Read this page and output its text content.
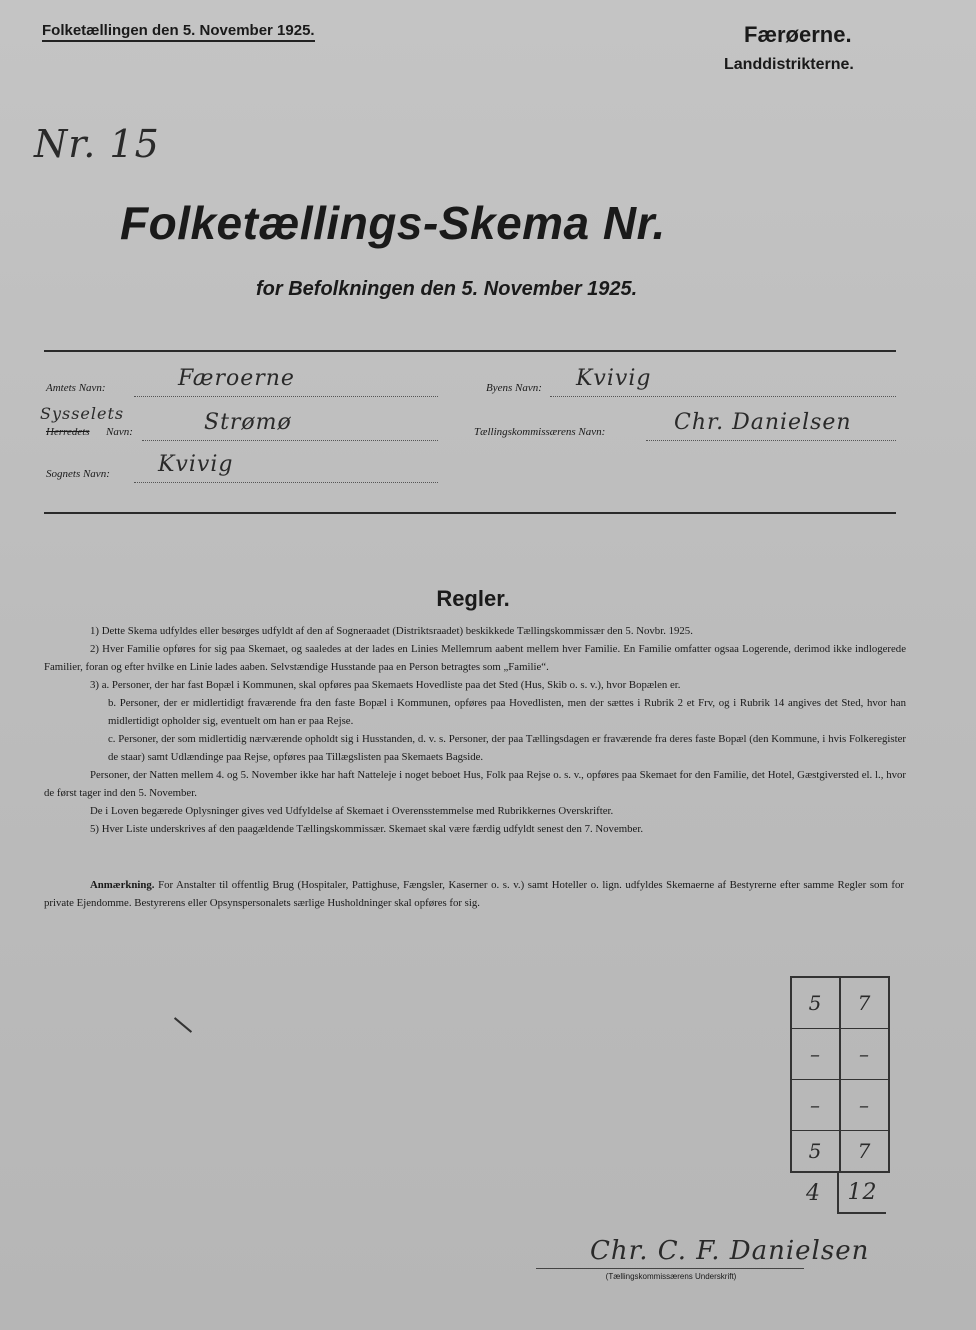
Folketællingen den 5. November 1925.	Færøerne.
Landdistrikterne.
Nr. 15
Folketællings-Skema Nr.
for Befolkningen den 5. November 1925.
Amtets Navn:	Færoerne
Sysselets
Herredets Navn:	Strømø
Sognets Navn: Kvivig
Byens Navn: Kvivig
Tællingskommissærens Navn:	Chr. Danielsen
Regler.

1) Dette Skema udfyldes eller besørges udfyldt af den af Sogneraadet (Distriktsraadet) beskikkede Tællingskommissær den 5. Novbr. 1925.

2) Hver Familie opføres for sig paa Skemaet, og saaledes at der lades en Linies Mellemrum aabent mellem hver Familie. En Familie omfatter ogsaa Logerende, derimod ikke indlogerede Familier, foran og efter hvilke en Linie lades aaben. Selvstændige Husstande paa en Person betragtes som „Familie“.

3) a. Personer, der har fast Bopæl i Kommunen, skal opføres paa Skemaets Hovedliste paa det Sted (Hus, Skib o. s. v.), hvor Bopælen er.

b. Personer, der er midlertidigt fraværende fra den faste Bopæl i Kommunen, opføres paa Hovedlisten, men der sættes i Rubrik 2 et Frv, og i Rubrik 14 angives det Sted, hvor han midlertidigt opholder sig, eventuelt om han er paa Rejse.

c. Personer, der som midlertidig nærværende opholdt sig i Husstanden, d. v. s. Personer, der paa Tællingsdagen er fraværende fra deres faste Bopæl (den Kommune, i hvis Folkeregister de staar) samt Udlændinge paa Rejse, opføres paa Tillægslisten paa Skemaets Bagside.

Personer, der Natten mellem 4. og 5. November ikke har haft Natteleje i noget beboet Hus, Folk paa Rejse o. s. v., opføres paa Skemaet for den Familie, det Hotel, Gæstgiversted el. l., hvor de først tager ind den 5. November.

De i Loven begærede Oplysninger gives ved Udfyldelse af Skemaet i Overensstemmelse med Rubrikkernes Overskrifter.

5) Hver Liste underskrives af den paagældende Tællingskommissær. Skemaet skal være færdig udfyldt senest den 7. November.

Anmærkning. For Anstalter til offentlig Brug (Hospitaler, Pattighuse, Fængsler, Kaserner o. s. v.) samt Hoteller o. lign. udfyldes Skemaerne af Bestyrerne efter samme Regler som for private Ejendomme. Bestyrerens eller Opsynspersonalets særlige Husholdninger skal opføres for sig.
5	7
–	–
–	–
5	7
4	12
Chr. C. F. Danielsen
(Tællingskommissærens Underskrift)
